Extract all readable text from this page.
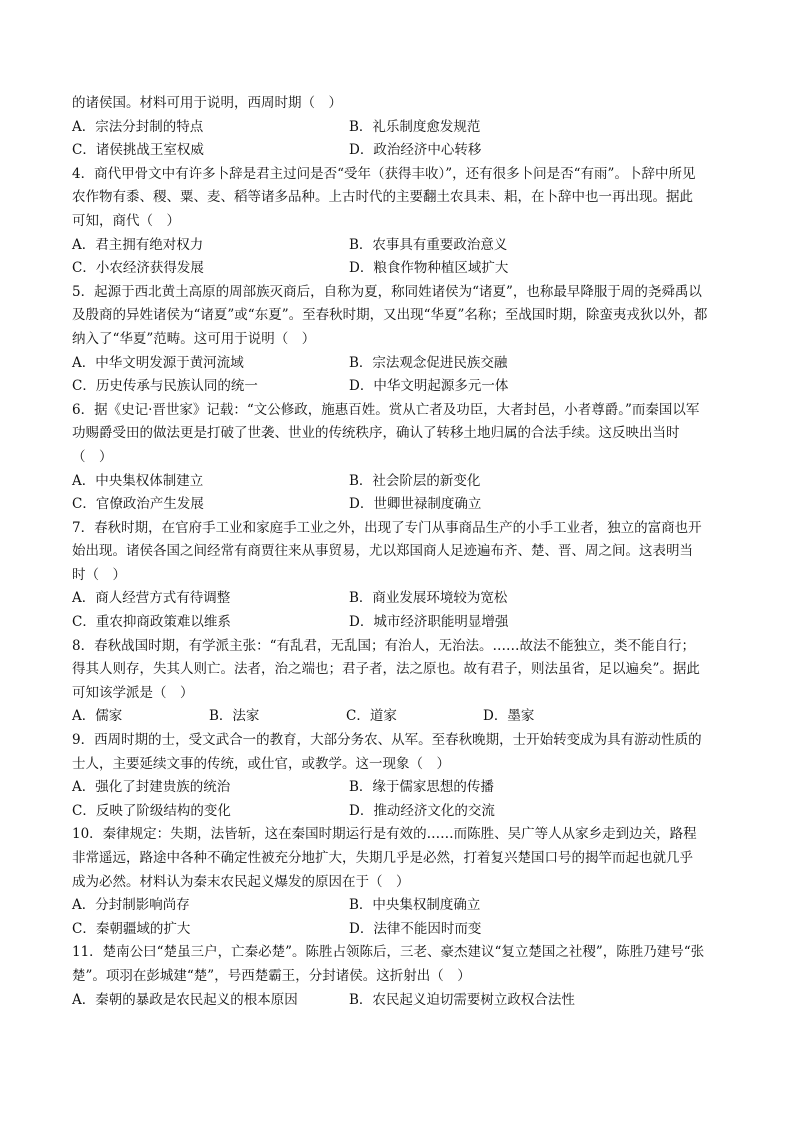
的诸侯国。材料可用于说明，西周时期（　）
A．宗法分封制的特点	B．礼乐制度愈发规范
C．诸侯挑战王室权威	D．政治经济中心转移
4．商代甲骨文中有许多卜辞是君主过问是否“受年（获得丰收）”，还有很多卜问是否“有雨”。卜辞中所见
农作物有黍、稷、粟、麦、稻等诸多品种。上古时代的主要翻土农具耒、耜，在卜辞中也一再出现。据此
可知，商代（　）
A．君主拥有绝对权力	B．农事具有重要政治意义
C．小农经济获得发展	D．粮食作物种植区域扩大
5．起源于西北黄土高原的周部族灭商后，自称为夏，称同姓诸侯为“诸夏”，也称最早降服于周的尧舜禹以
及殷商的异姓诸侯为“诸夏”或“东夏”。至春秋时期，又出现“华夏”名称；至战国时期，除蛮夷戎狄以外，都
纳入了“华夏”范畴。这可用于说明（　）
A．中华文明发源于黄河流域	B．宗法观念促进民族交融
C．历史传承与民族认同的统一	D．中华文明起源多元一体
6．据《史记·晋世家》记载：“文公修政，施惠百姓。赏从亡者及功臣，大者封邑，小者尊爵。”而秦国以军
功赐爵受田的做法更是打破了世袭、世业的传统秩序，确认了转移土地归属的合法手续。这反映出当时
（　）
A．中央集权体制建立	B．社会阶层的新变化
C．官僚政治产生发展	D．世卿世禄制度确立
7．春秋时期，在官府手工业和家庭手工业之外，出现了专门从事商品生产的小手工业者，独立的富商也开
始出现。诸侯各国之间经常有商贾往来从事贸易，尤以郑国商人足迹遍布齐、楚、晋、周之间。这表明当
时（　）
A．商人经营方式有待调整	B．商业发展环境较为宽松
C．重农抑商政策难以维系	D．城市经济职能明显增强
8．春秋战国时期，有学派主张：“有乱君，无乱国；有治人，无治法。……故法不能独立，类不能自行；
得其人则存，失其人则亡。法者，治之端也；君子者，法之原也。故有君子，则法虽省，足以遍矣”。据此
可知该学派是（　）
A．儒家	B．法家	C．道家	D．墨家
9．西周时期的士，受文武合一的教育，大部分务农、从军。至春秋晚期，士开始转变成为具有游动性质的
士人，主要延续文事的传统，或仕官，或教学。这一现象（　）
A．强化了封建贵族的统治	B．缘于儒家思想的传播
C．反映了阶级结构的变化	D．推动经济文化的交流
10．秦律规定：失期，法皆斩，这在秦国时期运行是有效的……而陈胜、吴广等人从家乡走到边关，路程
非常遥远，路途中各种不确定性被充分地扩大，失期几乎是必然，打着复兴楚国口号的揭竿而起也就几乎
成为必然。材料认为秦末农民起义爆发的原因在于（　）
A．分封制影响尚存	B．中央集权制度确立
C．秦朝疆域的扩大	D．法律不能因时而变
11．楚南公曰“楚虽三户，亡秦必楚”。陈胜占领陈后，三老、豪杰建议“复立楚国之社稷”，陈胜乃建号“张
楚”。项羽在彭城建“楚”，号西楚霸王，分封诸侯。这折射出（　）
A．秦朝的暴政是农民起义的根本原因	B．农民起义迫切需要树立政权合法性
